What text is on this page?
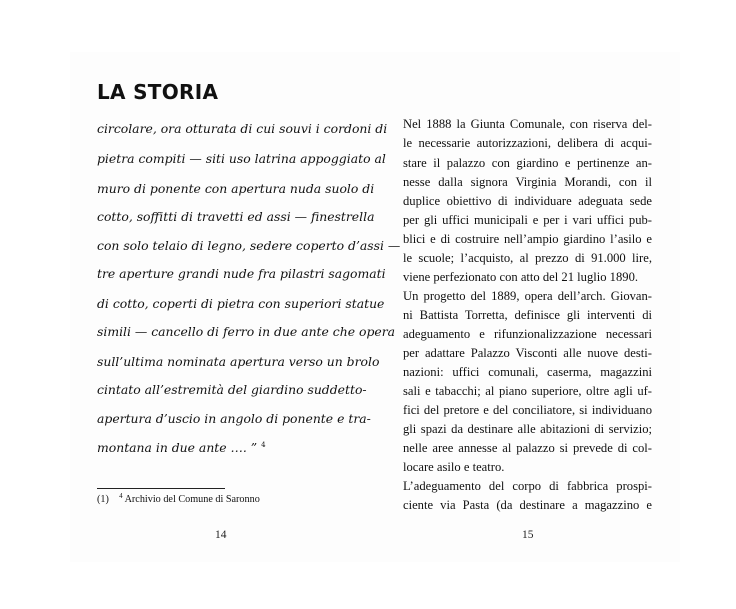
LA STORIA
circolare, ora otturata di cui souvi i cordoni di
pietra compiti — siti uso latrina appoggiato al
muro di ponente con apertura nuda suolo di
cotto, soffitti di travetti ed assi — finestrella
con solo telaio di legno, sedere coperto d’assi —
tre aperture grandi nude fra pilastri sagomati
di cotto, coperti di pietra con superiori statue
simili — cancello di ferro in due ante che opera
sull’ultima nominata apertura verso un brolo
cintato all’estremità del giardino suddetto-
apertura d’uscio in angolo di ponente e tra-
montana in due ante …. ” $^4$
(1) $^4$ Archivio del Comune di Saronno
14
Nel 1888 la Giunta Comunale, con riserva del-
le necessarie autorizzazioni, delibera di acqui-
stare il palazzo con giardino e pertinenze an-
nesse dalla signora Virginia Morandi, con il
duplice obiettivo di individuare adeguata sede
per gli uffici municipali e per i vari uffici pub-
blici e di costruire nell’ampio giardino l’asilo e
le scuole; l’acquisto, al prezzo di 91.000 lire,
viene perfezionato con atto del 21 luglio 1890.
Un progetto del 1889, opera dell’arch. Giovan-
ni Battista Torretta, definisce gli interventi di
adeguamento e rifunzionalizzazione necessari
per adattare Palazzo Visconti alle nuove desti-
nazioni: uffici comunali, caserma, magazzini
sali e tabacchi; al piano superiore, oltre agli uf-
fici del pretore e del conciliatore, si individuano
gli spazi da destinare alle abitazioni di servizio;
nelle aree annesse al palazzo si prevede di col-
locare asilo e teatro.
L’adeguamento del corpo di fabbrica prospi-
ciente via Pasta (da destinare a magazzino e
15
